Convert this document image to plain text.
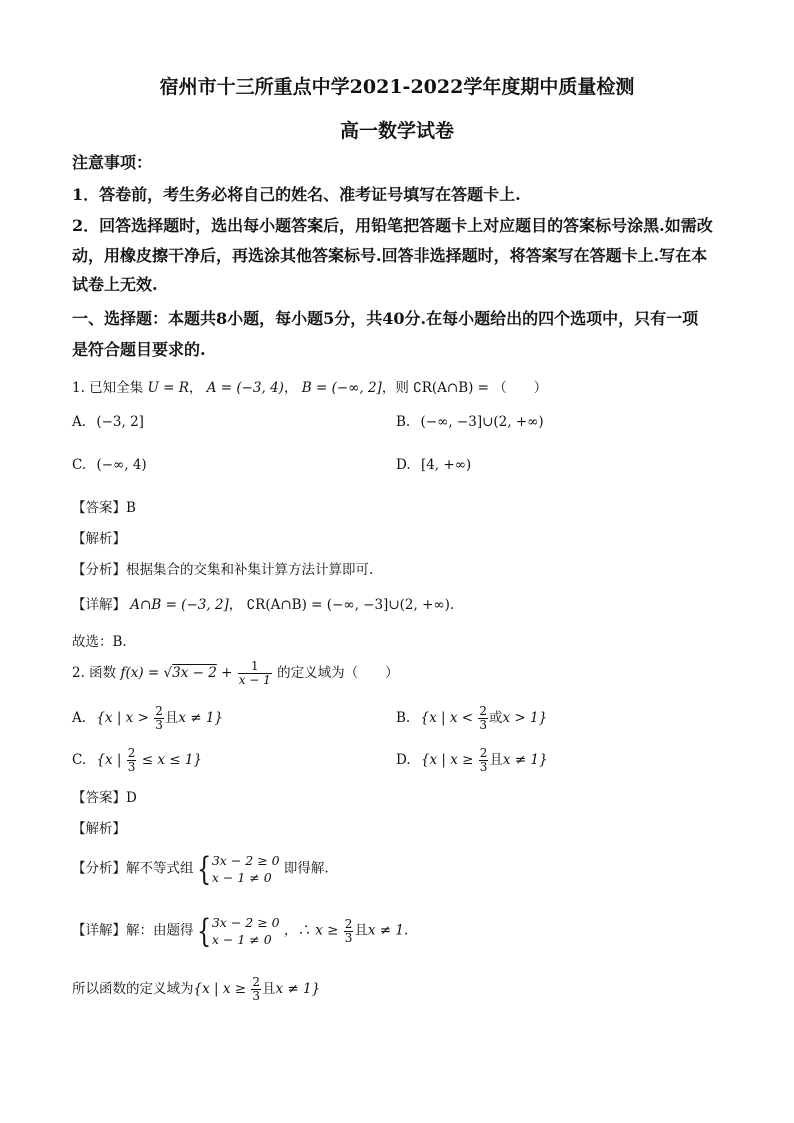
宿州市十三所重点中学2021-2022学年度期中质量检测
高一数学试卷
注意事项：
1．答卷前，考生务必将自己的姓名、准考证号填写在答题卡上.
2．回答选择题时，选出每小题答案后，用铅笔把答题卡上对应题目的答案标号涂黑.如需改
动，用橡皮擦干净后，再选涂其他答案标号.回答非选择题时，将答案写在答题卡上.写在本
试卷上无效.
一、选择题：本题共8小题，每小题5分，共40分.在每小题给出的四个选项中，只有一项
是符合题目要求的.
1. 已知全集 U = R， A = (−3, 4)， B = (−∞, 2]，则 ∁R(A∩B) = （　　）
A. (−3, 2]	B. (−∞, −3]∪(2, +∞)
C. (−∞, 4)	D. [4, +∞)
【答案】B
【解析】
【分析】根据集合的交集和补集计算方法计算即可.
【详解】 A∩B = (−3, 2]， ∁R(A∩B) = (−∞, −3]∪(2, +∞).
故选：B.
2. 函数 $f(x) = √3x - 2 + \frac{1}{x - 1}$ 的定义域为（　　）
A. {x | $x > \frac{2}{3}$ 且x ≠ 1}	B. {x | $x < \frac{2}{3}$ 或x > 1}
C. {x | $\frac{2}{3} \le x \le 1$}	D. {x | $x \ge \frac{2}{3}$ 且x ≠ 1}
【答案】D
【解析】
【分析】解不等式组{ 3x − 2 ≥ 0
x − 1 ≠ 0
即得解.
【详解】解：由题得{ 3x − 2 ≥ 0
x − 1 ≠ 0
，∴ $x \ge \frac{2}{3}$ 且x ≠ 1.
所以函数的定义域为{x | $x \ge \frac{2}{3}$ 且x ≠ 1}
